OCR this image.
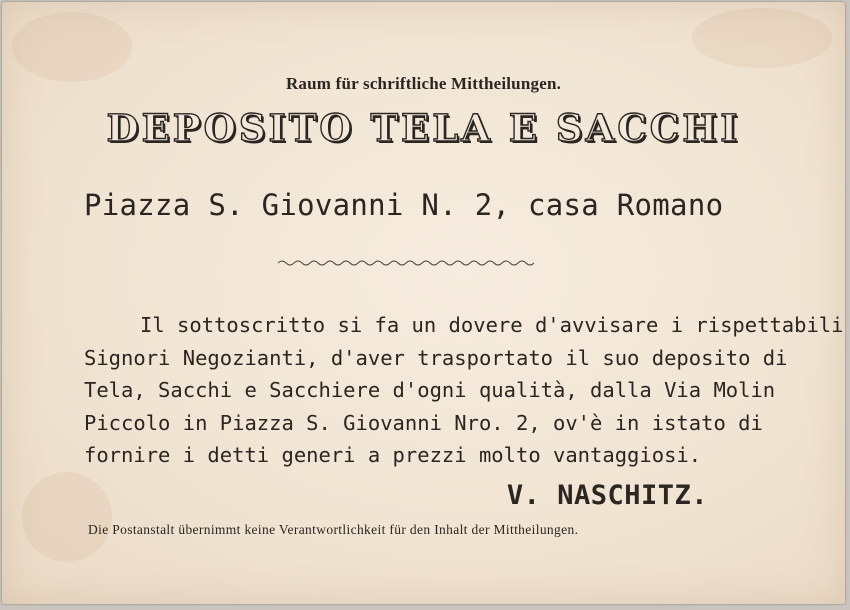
Raum für schriftliche Mittheilungen.
DEPOSITO TELA E SACCHI
Piazza S. Giovanni N. 2, casa Romano
Il sottoscritto si fa un dovere d'avvisare i rispettabili
Signori Negozianti, d'aver trasportato il suo deposito di
Tela, Sacchi e Sacchiere d'ogni qualità, dalla Via Molin
Piccolo in Piazza S. Giovanni Nro. 2, ov'è in istato di
fornire i detti generi a prezzi molto vantaggiosi.
V. NASCHITZ.
Die Postanstalt übernimmt keine Verantwortlichkeit für den Inhalt der Mittheilungen.
